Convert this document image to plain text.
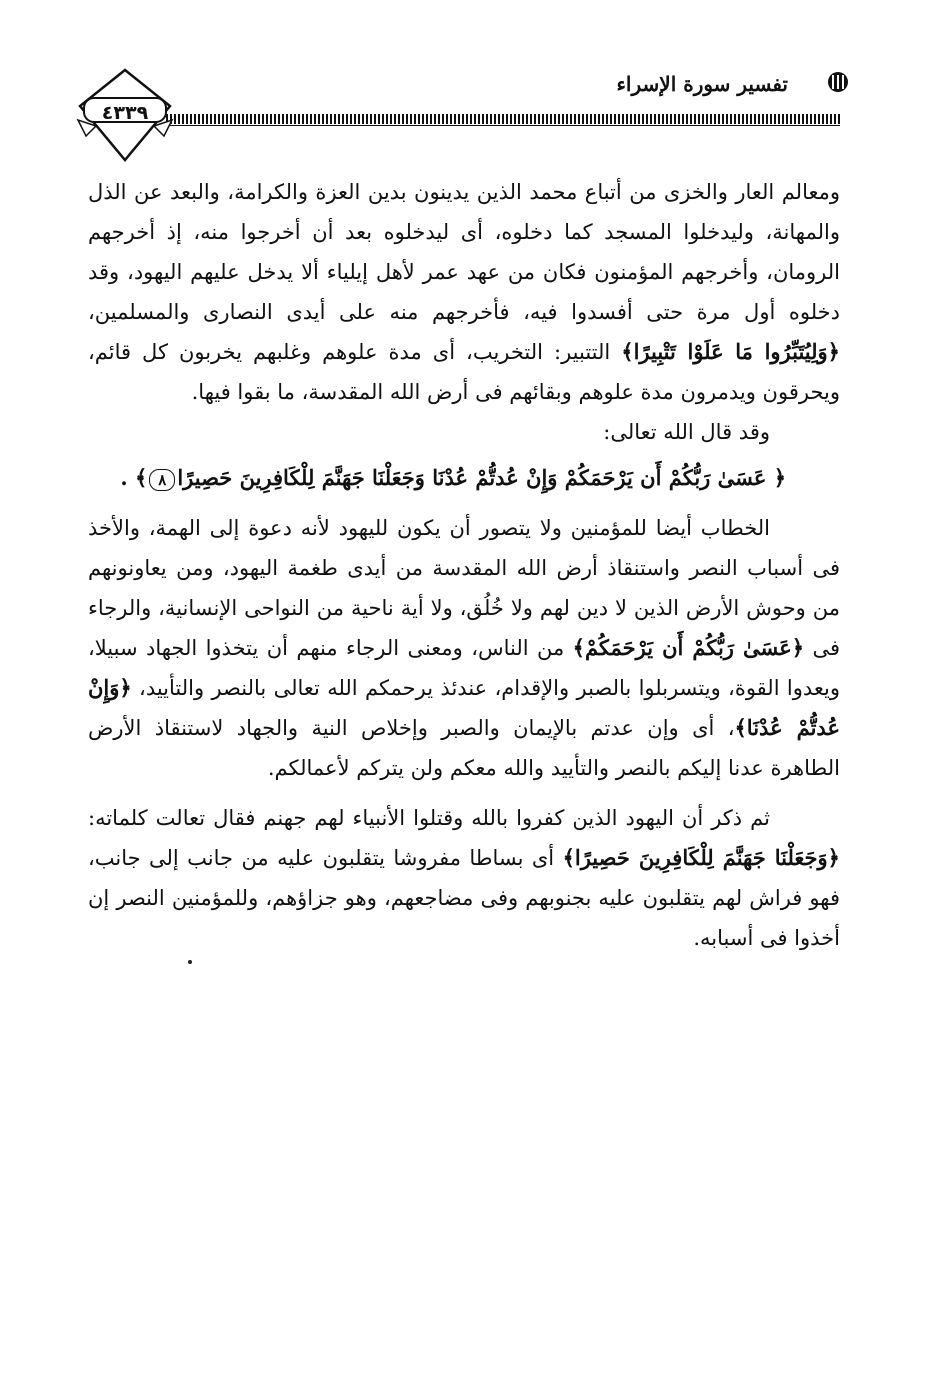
تفسير سورة الإسراء
٤٣٣٩

ومعالم العار والخزى من أتباع محمد الذين يدينون بدين العزة والكرامة، والبعد عن الذل والمهانة، وليدخلوا المسجد كما دخلوه، أى ليدخلوه بعد أن أخرجوا منه، إذ أخرجهم الرومان، وأخرجهم المؤمنون فكان من عهد عمر لأهل إيلياء ألا يدخل عليهم اليهود، وقد دخلوه أول مرة حتى أفسدوا فيه، فأخرجهم منه على أيدى النصارى والمسلمين، ﴿وَلِيُتَبِّرُوا مَا عَلَوْا تَتْبِيرًا﴾ التتبير: التخريب، أى مدة علوهم وغلبهم يخربون كل قائم، ويحرقون ويدمرون مدة علوهم وبقائهم فى أرض الله المقدسة، ما بقوا فيها.

وقد قال الله تعالى:

﴿ عَسَىٰ رَبُّكُمْ أَن يَرْحَمَكُمْ وَإِنْ عُدتُّمْ عُدْنَا وَجَعَلْنَا جَهَنَّمَ لِلْكَافِرِينَ حَصِيرًا٨﴾ .

الخطاب أيضا للمؤمنين ولا يتصور أن يكون لليهود لأنه دعوة إلى الهمة، والأخذ فى أسباب النصر واستنقاذ أرض الله المقدسة من أيدى طغمة اليهود، ومن يعاونونهم من وحوش الأرض الذين لا دين لهم ولا خُلُق، ولا أية ناحية من النواحى الإنسانية، والرجاء فى ﴿عَسَىٰ رَبُّكُمْ أَن يَرْحَمَكُمْ﴾ من الناس، ومعنى الرجاء منهم أن يتخذوا الجهاد سبيلا، ويعدوا القوة، ويتسربلوا بالصبر والإقدام، عندئذ يرحمكم الله تعالى بالنصر والتأييد، ﴿وَإِنْ عُدتُّمْ عُدْنَا﴾، أى وإن عدتم بالإيمان والصبر وإخلاص النية والجهاد لاستنقاذ الأرض الطاهرة عدنا إليكم بالنصر والتأييد والله معكم ولن يتركم لأعمالكم.

ثم ذكر أن اليهود الذين كفروا بالله وقتلوا الأنبياء لهم جهنم فقال تعالت كلماته: ﴿وَجَعَلْنَا جَهَنَّمَ لِلْكَافِرِينَ حَصِيرًا﴾ أى بساطا مفروشا يتقلبون عليه من جانب إلى جانب، فهو فراش لهم يتقلبون عليه بجنوبهم وفى مضاجعهم، وهو جزاؤهم، وللمؤمنين النصر إن أخذوا فى أسبابه.
